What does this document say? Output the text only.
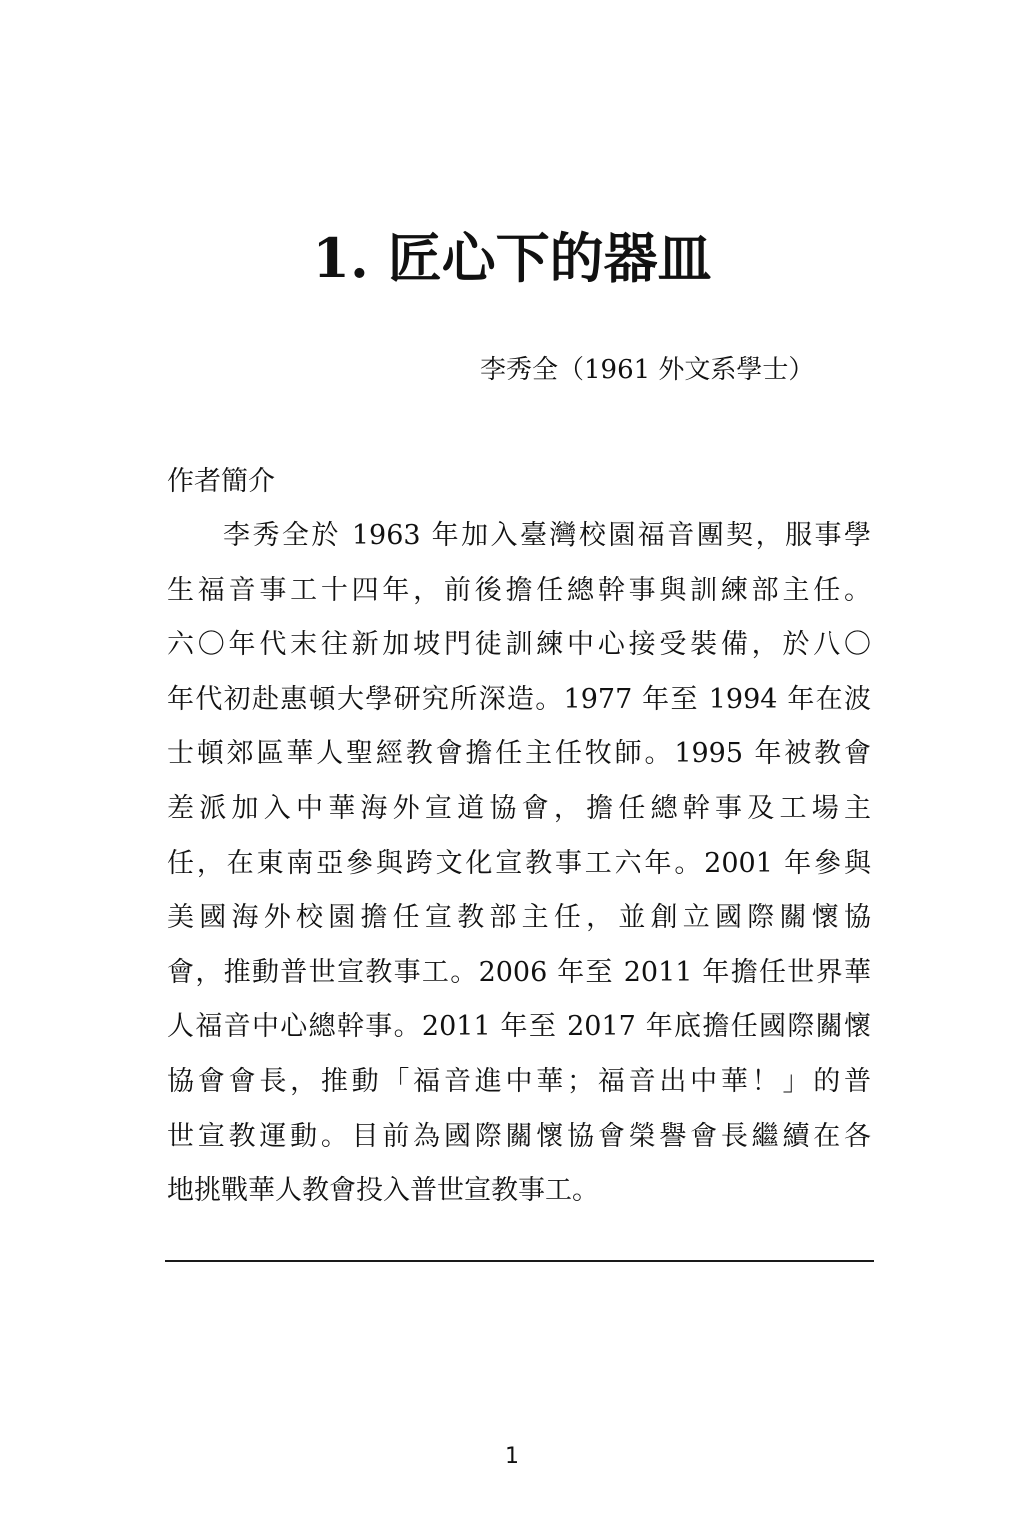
1. 匠心下的器皿
李秀全（1961 外文系學士）
作者簡介
李秀全於 1963 年加入臺灣校園福音團契，服事學
生福音事工十四年，前後擔任總幹事與訓練部主任。
六〇年代末往新加坡門徒訓練中心接受裝備，於八〇
年代初赴惠頓大學研究所深造。1977 年至 1994 年在波
士頓郊區華人聖經教會擔任主任牧師。1995 年被教會
差派加入中華海外宣道協會，擔任總幹事及工場主
任，在東南亞參與跨文化宣教事工六年。2001 年參與
美國海外校園擔任宣教部主任，並創立國際關懷協
會，推動普世宣教事工。2006 年至 2011 年擔任世界華
人福音中心總幹事。2011 年至 2017 年底擔任國際關懷
協會會長，推動「福音進中華；福音出中華！」的普
世宣教運動。目前為國際關懷協會榮譽會長繼續在各
地挑戰華人教會投入普世宣教事工。
1
